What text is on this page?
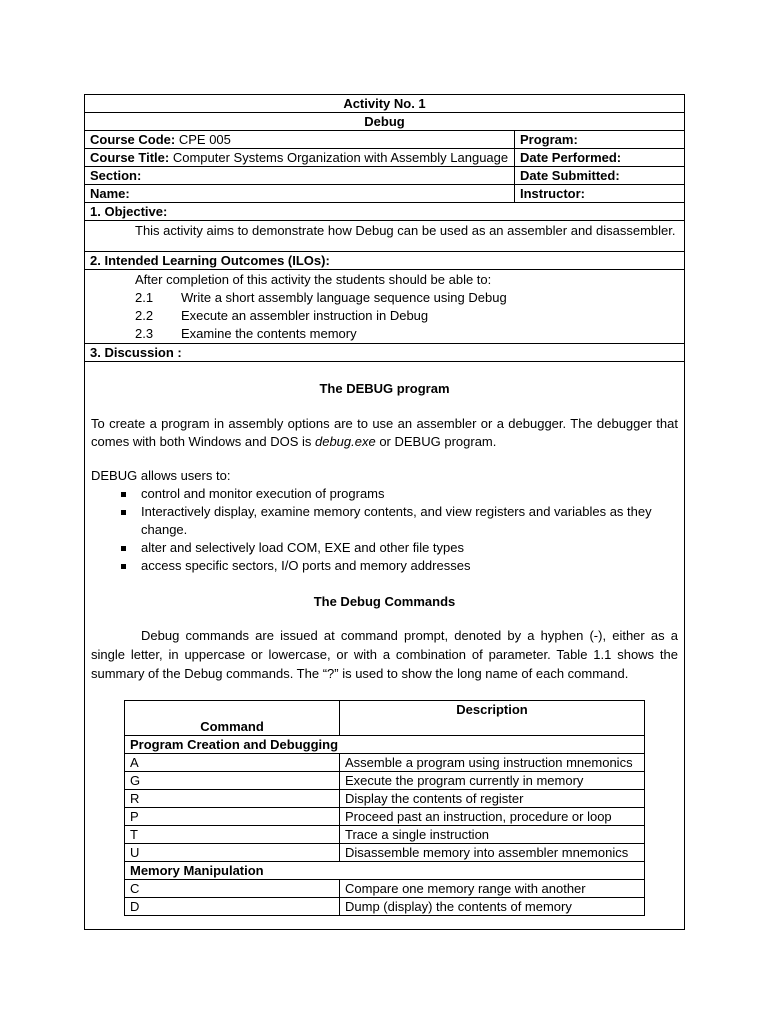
Activity No. 1
Debug
Course Code: CPE 005	Program:
Course Title: Computer Systems Organization with Assembly Language Date Performed:
Section:	Date Submitted:
Name:	Instructor:
1. Objective:
This activity aims to demonstrate how Debug can be used as an assembler and disassembler.
2. Intended Learning Outcomes (ILOs):
After completion of this activity the students should be able to:
2.1	Write a short assembly language sequence using Debug
2.2	Execute an assembler instruction in Debug
2.3	Examine the contents memory
3. Discussion :

The DEBUG program

To create a program in assembly options are to use an assembler or a debugger. The debugger that comes with both Windows and DOS is debug.exe or DEBUG program.

DEBUG allows users to:

control and monitor execution of programs
Interactively display, examine memory contents, and view registers and variables as they change.
alter and selectively load COM, EXE and other file types
access specific sectors, I/O ports and memory addresses

The Debug Commands

Debug commands are issued at command prompt, denoted by a hyphen (-), either as a single letter, in uppercase or lowercase, or with a combination of parameter. Table 1.1 shows the summary of the Debug commands. The “?” is used to show the long name of each command.

Command	Description
Program Creation and Debugging	
A	Assemble a program using instruction mnemonics
G	Execute the program currently in memory
R	Display the contents of register
P	Proceed past an instruction, procedure or loop
T	Trace a single instruction
U	Disassemble memory into assembler mnemonics
Memory Manipulation	
C	Compare one memory range with another
D	Dump (display) the contents of memory
